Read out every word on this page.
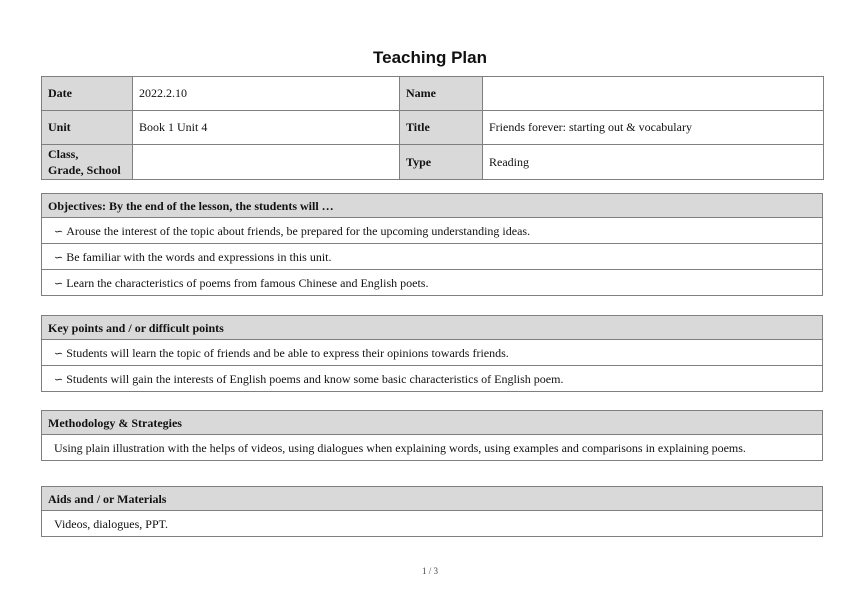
Teaching Plan
Date	2022.2.10	Name	
Unit	Book 1 Unit 4	Title	Friends forever: starting out & vocabulary
Class,
Grade, School		Type	Reading
Objectives: By the end of the lesson, the students will …
∽ Arouse the interest of the topic about friends, be prepared for the upcoming understanding ideas.
∽ Be familiar with the words and expressions in this unit.
∽ Learn the characteristics of poems from famous Chinese and English poets.
Key points and / or difficult points
∽ Students will learn the topic of friends and be able to express their opinions towards friends.
∽ Students will gain the interests of English poems and know some basic characteristics of English poem.
Methodology & Strategies
Using plain illustration with the helps of videos, using dialogues when explaining words, using examples and comparisons in explaining poems.
Aids and / or Materials
Videos, dialogues, PPT.
1 / 3
